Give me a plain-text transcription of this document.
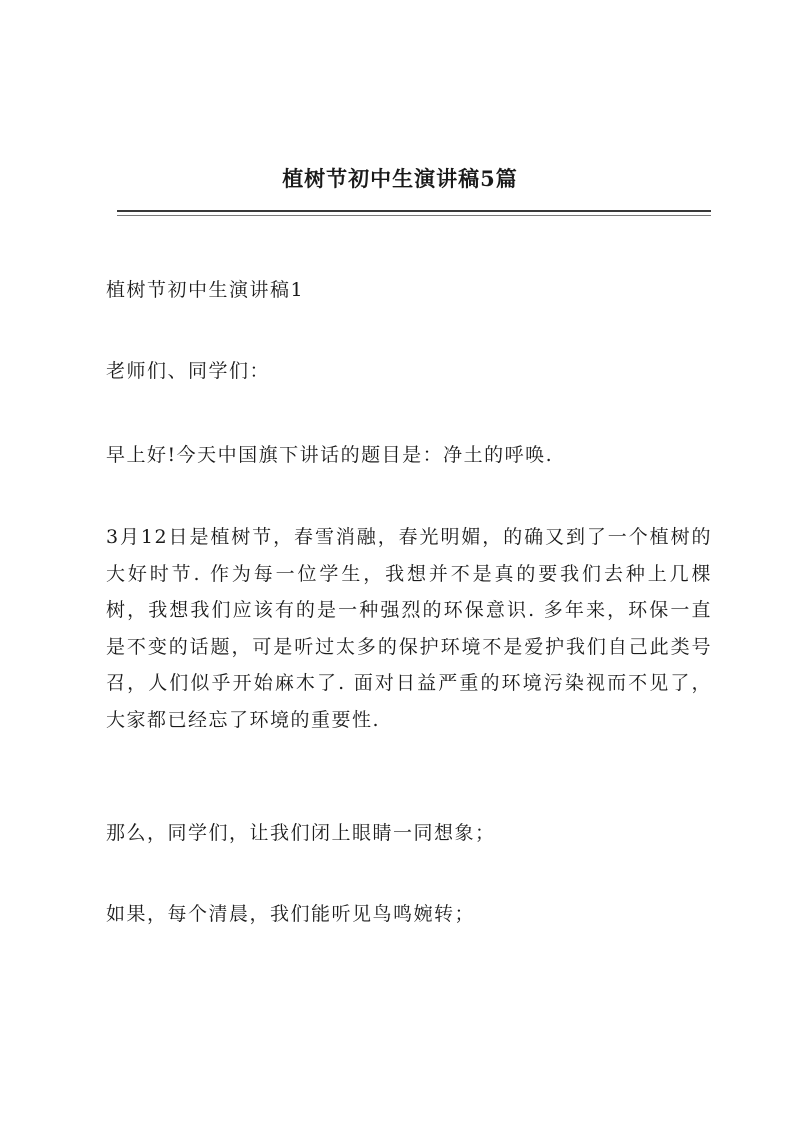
植树节初中生演讲稿5篇

植树节初中生演讲稿1

老师们、同学们：

早上好!今天中国旗下讲话的题目是：净土的呼唤.

3月12日是植树节，春雪消融，春光明媚，的确又到了一个植树的大好时节. 作为每一位学生，我想并不是真的要我们去种上几棵树，我想我们应该有的是一种强烈的环保意识. 多年来，环保一直是不变的话题，可是听过太多的保护环境不是爱护我们自己此类号召，人们似乎开始麻木了. 面对日益严重的环境污染视而不见了，大家都已经忘了环境的重要性.

那么，同学们，让我们闭上眼睛一同想象；

如果，每个清晨，我们能听见鸟鸣婉转；
